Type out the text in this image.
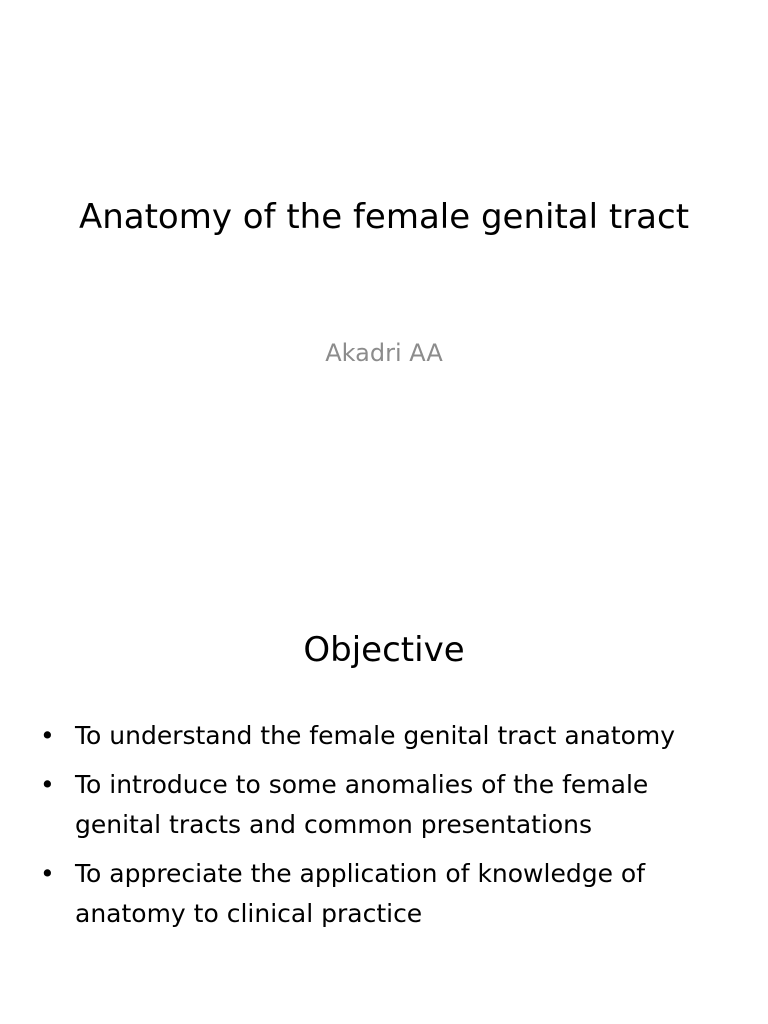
Anatomy of the female genital tract

Akadri AA

Objective
• To understand the female genital tract anatomy
• To introduce to some anomalies of the female genital tracts and common presentations
• To appreciate the application of knowledge of anatomy to clinical practice
